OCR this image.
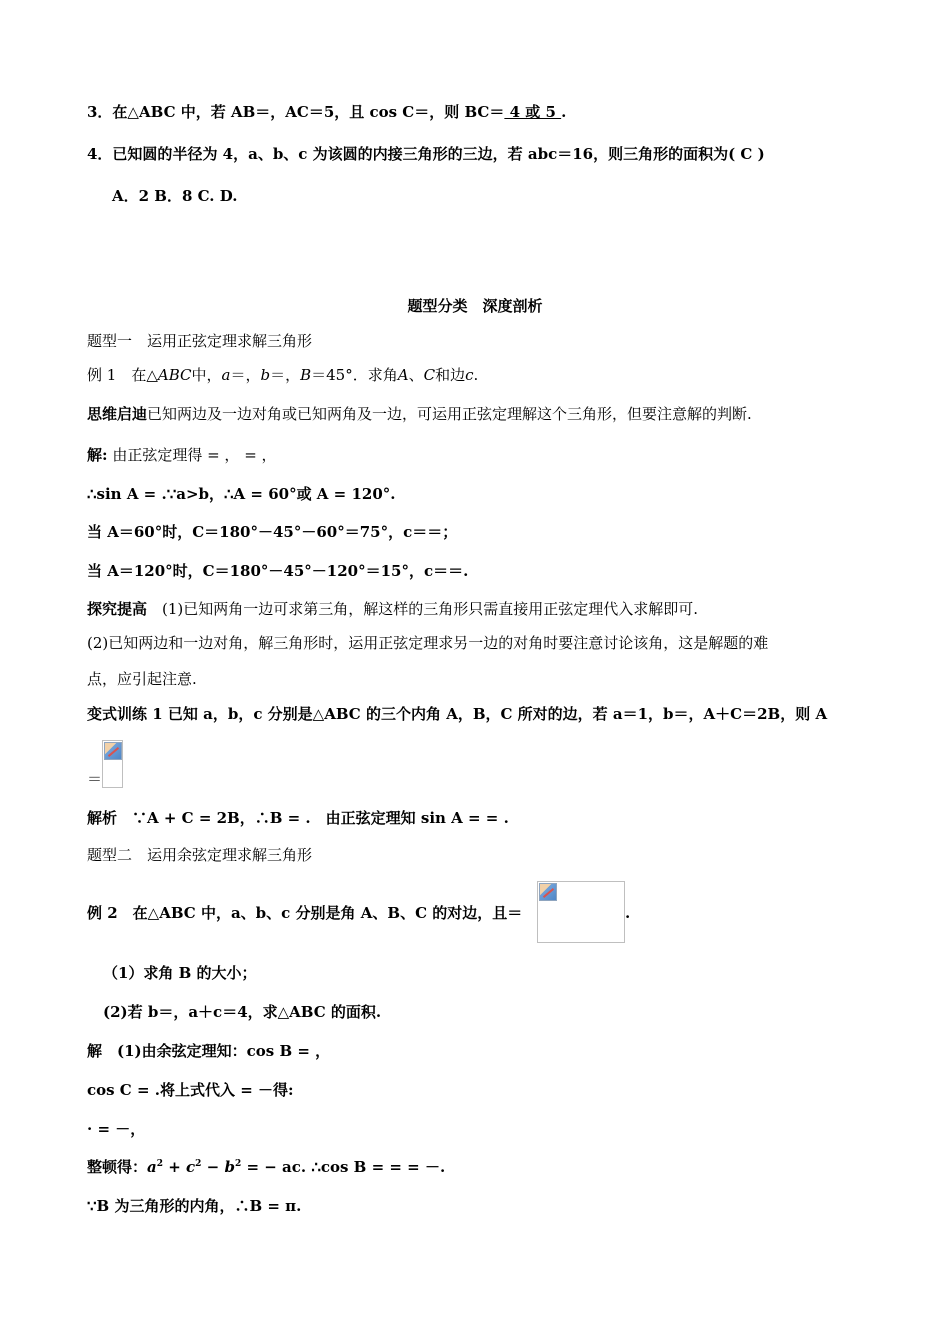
3．在△ABC 中，若 AB＝，AC＝5，且 cos C＝，则 BC＝ 4 或 5 .
4．已知圆的半径为 4，a、b、c 为该圆的内接三角形的三边，若 abc＝16，则三角形的面积为( C )
A．2 B．8 C. D.
题型分类　深度剖析
题型一　运用正弦定理求解三角形
例 1　在△ABC中，a＝，b＝，B＝45°．求角A、C和边c.
思维启迪已知两边及一边对角或已知两角及一边，可运用正弦定理解这个三角形，但要注意解的判断.
解: 由正弦定理得 = ， = ，
∴sin A = .∵a>b，∴A = 60°或 A = 120°.
当 A＝60°时，C＝180°－45°－60°＝75°，c＝＝；
当 A＝120°时，C＝180°－45°－120°＝15°，c＝＝.
探究提高　(1)已知两角一边可求第三角，解这样的三角形只需直接用正弦定理代入求解即可.
(2)已知两边和一边对角，解三角形时，运用正弦定理求另一边的对角时要注意讨论该角，这是解题的难
点，应引起注意.
变式训练 1 已知 a，b，c 分别是△ABC 的三个内角 A，B，C 所对的边，若 a＝1，b＝，A＋C＝2B，则 A
＝
解析　∵A + C = 2B，∴B = .　由正弦定理知 sin A = = .
题型二　运用余弦定理求解三角形
例 2　在△ABC 中，a、b、c 分别是角 A、B、C 的对边，且＝	.
（1）求角 B 的大小；
(2)若 b＝，a＋c＝4，求△ABC 的面积.
解　(1)由余弦定理知：cos B = ，
cos C = .将上式代入 = －得:
· = －，
整顿得：$a^2 + c^2 - b^2$ = − ac. ∴cos B = = = －.
∵B 为三角形的内角，∴B = π.
